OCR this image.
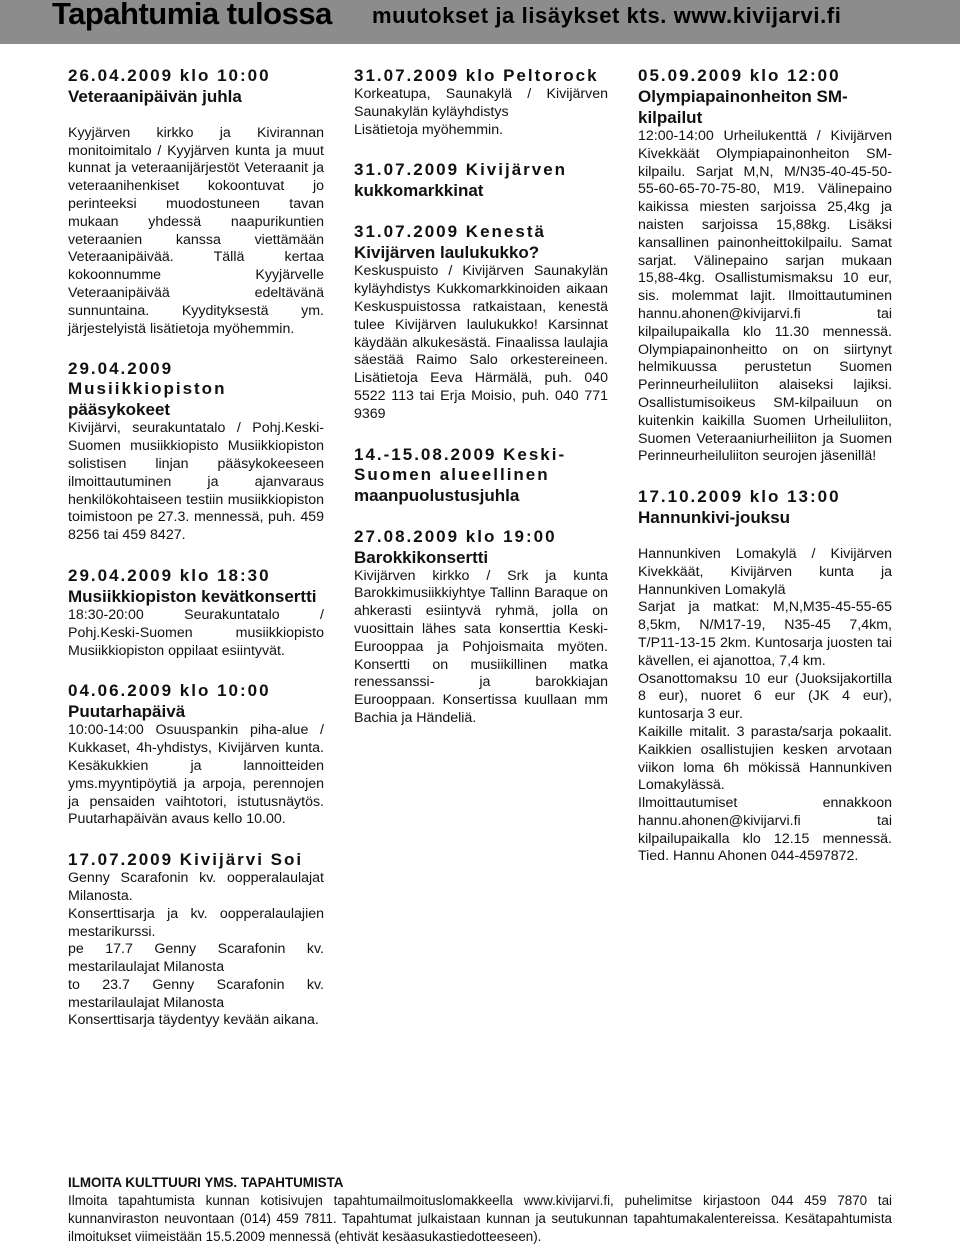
Tapahtumia tulossa muutokset ja lisäykset kts. www.kivijarvi.fi
26.04.2009 klo 10:00
Veteraanipäivän juhla

Kyyjärven kirkko ja Kivirannan monitoimitalo / Kyyjärven kunta ja muut kunnat ja veteraanijärjestöt Veteraanit ja veteraanihenkiset kokoontuvat jo perinteeksi muodostuneen tavan mukaan yhdessä naapurikuntien veteraanien kanssa viettämään Veteraanipäivää. Tällä kertaa kokoonnumme Kyyjärvelle Veteraanipäivää edeltävänä sunnuntaina. Kyydityksestä ym. järjestelyistä lisätietoja myöhemmin.
29.04.2009 Musiikkiopiston
pääsykokeet
Kivijärvi, seurakuntatalo / Pohj.Keski-Suomen musiikkiopisto Musiikkiopiston solistisen linjan pääsykokeeseen ilmoittautuminen ja ajanvaraus henkilökohtaiseen testiin musiikkiopiston toimistoon pe 27.3. mennessä, puh. 459 8256 tai 459 8427.
29.04.2009 klo 18:30
Musiikkiopiston kevätkonsertti
18:30-20:00 Seurakuntatalo / Pohj.Keski-Suomen musiikkiopisto Musiikkiopiston oppilaat esiintyvät.
04.06.2009 klo 10:00
Puutarhapäivä
10:00-14:00 Osuuspankin piha-alue / Kukkaset, 4h-yhdistys, Kivijärven kunta. Kesäkukkien ja lannoitteiden yms.myyntipöytiä ja arpoja, perennojen ja pensaiden vaihtotori, istutusnäytös. Puutarhapäivän avaus kello 10.00.
17.07.2009 Kivijärvi Soi
Genny Scarafonin kv. oopperalaulajat Milanosta.
Konserttisarja ja kv. oopperalaulajien mestarikurssi.
pe 17.7 Genny Scarafonin kv. mestarilaulajat Milanosta
to 23.7 Genny Scarafonin kv. mestarilaulajat Milanosta
Konserttisarja täydentyy kevään aikana.
31.07.2009 klo Peltorock
Korkeatupa, Saunakylä / Kivijärven Saunakylän kyläyhdistys
Lisätietoja myöhemmin.
31.07.2009 Kivijärven
kukkomarkkinat
31.07.2009 Kenestä
Kivijärven laulukukko?
Keskuspuisto / Kivijärven Saunakylän kyläyhdistys Kukkomarkkinoiden aikaan Keskuspuistossa ratkaistaan, kenestä tulee Kivijärven laulukukko! Karsinnat käydään alkukesästä. Finaalissa laulajia säestää Raimo Salo orkestereineen. Lisätietoja Eeva Härmälä, puh. 040 5522 113 tai Erja Moisio, puh. 040 771 9369
14.-15.08.2009 Keski-Suomen alueellinen
maanpuolustusjuhla
27.08.2009 klo 19:00
Barokkikonsertti
Kivijärven kirkko / Srk ja kunta Barokkimusiikkiyhtye Tallinn Baraque on ahkerasti esiintyvä ryhmä, jolla on vuosittain lähes sata konserttia Keski-Eurooppaa ja Pohjoismaita myöten. Konsertti on musiikillinen matka renessanssi- ja barokkiajan Eurooppaan. Konsertissa kuullaan mm Bachia ja Händeliä.
05.09.2009 klo 12:00
Olympiapainonheiton SM-kilpailut
12:00-14:00 Urheilukenttä / Kivijärven Kivekkäät Olympiapainonheiton SM-kilpailu. Sarjat M,N, M/N35-40-45-50-55-60-65-70-75-80, M19. Välinepaino kaikissa miesten sarjoissa 25,4kg ja naisten sarjoissa 15,88kg. Lisäksi kansallinen painonheittokilpailu. Samat sarjat. Välinepaino sarjan mukaan 15,88-4kg. Osallistumismaksu 10 eur, sis. molemmat lajit. Ilmoittautuminen hannu.ahonen@kivijarvi.fi tai kilpailupaikalla klo 11.30 mennessä. Olympiapainonheitto on on siirtynyt helmikuussa perustetun Suomen Perinneurheiluliiton alaiseksi lajiksi. Osallistumisoikeus SM-kilpailuun on kuitenkin kaikilla Suomen Urheiluliiton, Suomen Veteraaniurheiliiton ja Suomen Perinneurheiluliiton seurojen jäsenillä!
17.10.2009 klo 13:00
Hannunkivi-jouksu

Hannunkiven Lomakylä / Kivijärven Kivekkäät, Kivijärven kunta ja Hannunkiven Lomakylä
Sarjat ja matkat: M,N,M35-45-55-65 8,5km, N/M17-19, N35-45 7,4km, T/P11-13-15 2km. Kuntosarja juosten tai kävellen, ei ajanottoa, 7,4 km.
Osanottomaksu 10 eur (Juoksijakortilla 8 eur), nuoret 6 eur (JK 4 eur), kuntosarja 3 eur.
Kaikille mitalit. 3 parasta/sarja pokaalit. Kaikkien osallistujien kesken arvotaan viikon loma 6h mökissä Hannunkiven Lomakylässä.
Ilmoittautumiset ennakkoon hannu.ahonen@kivijarvi.fi tai kilpailupaikalla klo 12.15 mennessä. Tied. Hannu Ahonen 044-4597872.
ILMOITA KULTTUURI YMS. TAPAHTUMISTA
Ilmoita tapahtumista kunnan kotisivujen tapahtumailmoituslomakkeella www.kivijarvi.fi, puhelimitse kirjastoon 044 459 7870 tai kunnanviraston neuvontaan (014) 459 7811. Tapahtumat julkaistaan kunnan ja seutukunnan tapahtumakalentereissa. Kesätapahtumista ilmoitukset viimeistään 15.5.2009 mennessä (ehtivät kesäasukastiedotteeseen).
